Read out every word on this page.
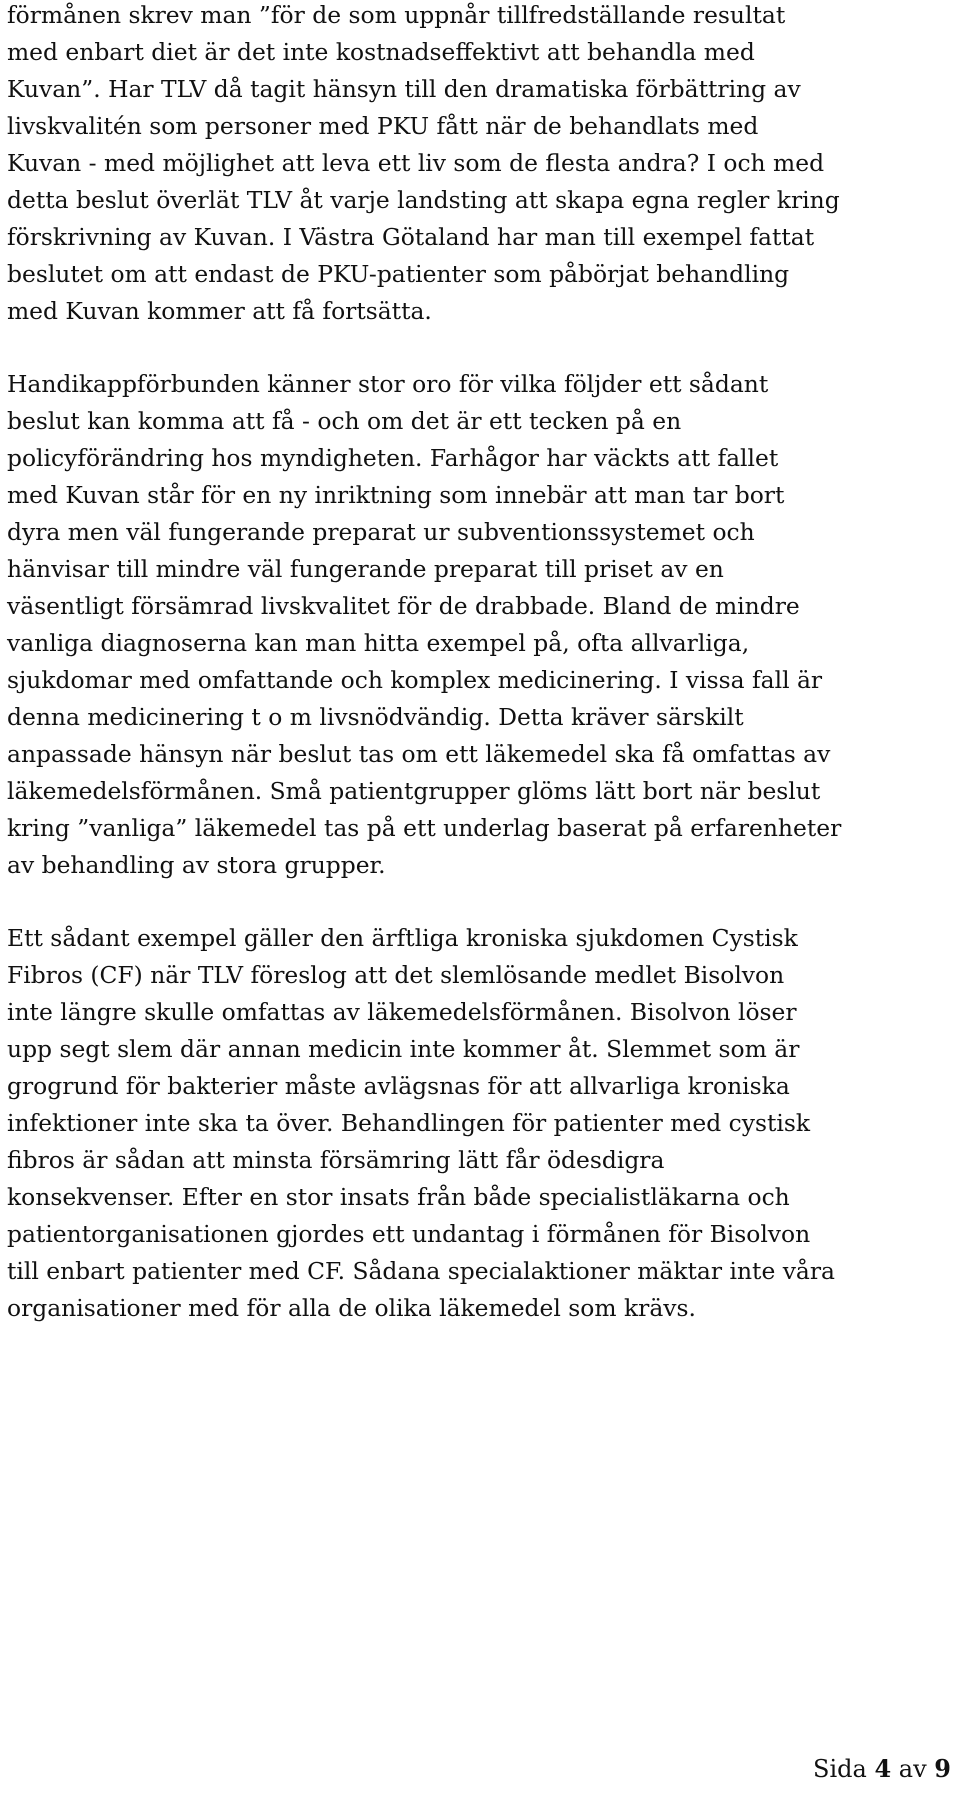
förmånen skrev man ”för de som uppnår tillfredställande resultat
med enbart diet är det inte kostnadseffektivt att behandla med
Kuvan”. Har TLV då tagit hänsyn till den dramatiska förbättring av
livskvalitén som personer med PKU fått när de behandlats med
Kuvan - med möjlighet att leva ett liv som de flesta andra? I och med
detta beslut överlät TLV åt varje landsting att skapa egna regler kring
förskrivning av Kuvan. I Västra Götaland har man till exempel fattat
beslutet om att endast de PKU-patienter som påbörjat behandling
med Kuvan kommer att få fortsätta.
Handikappförbunden känner stor oro för vilka följder ett sådant
beslut kan komma att få - och om det är ett tecken på en
policyförändring hos myndigheten. Farhågor har väckts att fallet
med Kuvan står för en ny inriktning som innebär att man tar bort
dyra men väl fungerande preparat ur subventionssystemet och
hänvisar till mindre väl fungerande preparat till priset av en
väsentligt försämrad livskvalitet för de drabbade. Bland de mindre
vanliga diagnoserna kan man hitta exempel på, ofta allvarliga,
sjukdomar med omfattande och komplex medicinering. I vissa fall är
denna medicinering t o m livsnödvändig. Detta kräver särskilt
anpassade hänsyn när beslut tas om ett läkemedel ska få omfattas av
läkemedelsförmånen. Små patientgrupper glöms lätt bort när beslut
kring ”vanliga” läkemedel tas på ett underlag baserat på erfarenheter
av behandling av stora grupper.
Ett sådant exempel gäller den ärftliga kroniska sjukdomen Cystisk
Fibros (CF) när TLV föreslog att det slemlösande medlet Bisolvon
inte längre skulle omfattas av läkemedelsförmånen. Bisolvon löser
upp segt slem där annan medicin inte kommer åt. Slemmet som är
grogrund för bakterier måste avlägsnas för att allvarliga kroniska
infektioner inte ska ta över. Behandlingen för patienter med cystisk
fibros är sådan att minsta försämring lätt får ödesdigra
konsekvenser. Efter en stor insats från både specialistläkarna och
patientorganisationen gjordes ett undantag i förmånen för Bisolvon
till enbart patienter med CF. Sådana specialaktioner mäktar inte våra
organisationer med för alla de olika läkemedel som krävs.
Sida 4 av 9
